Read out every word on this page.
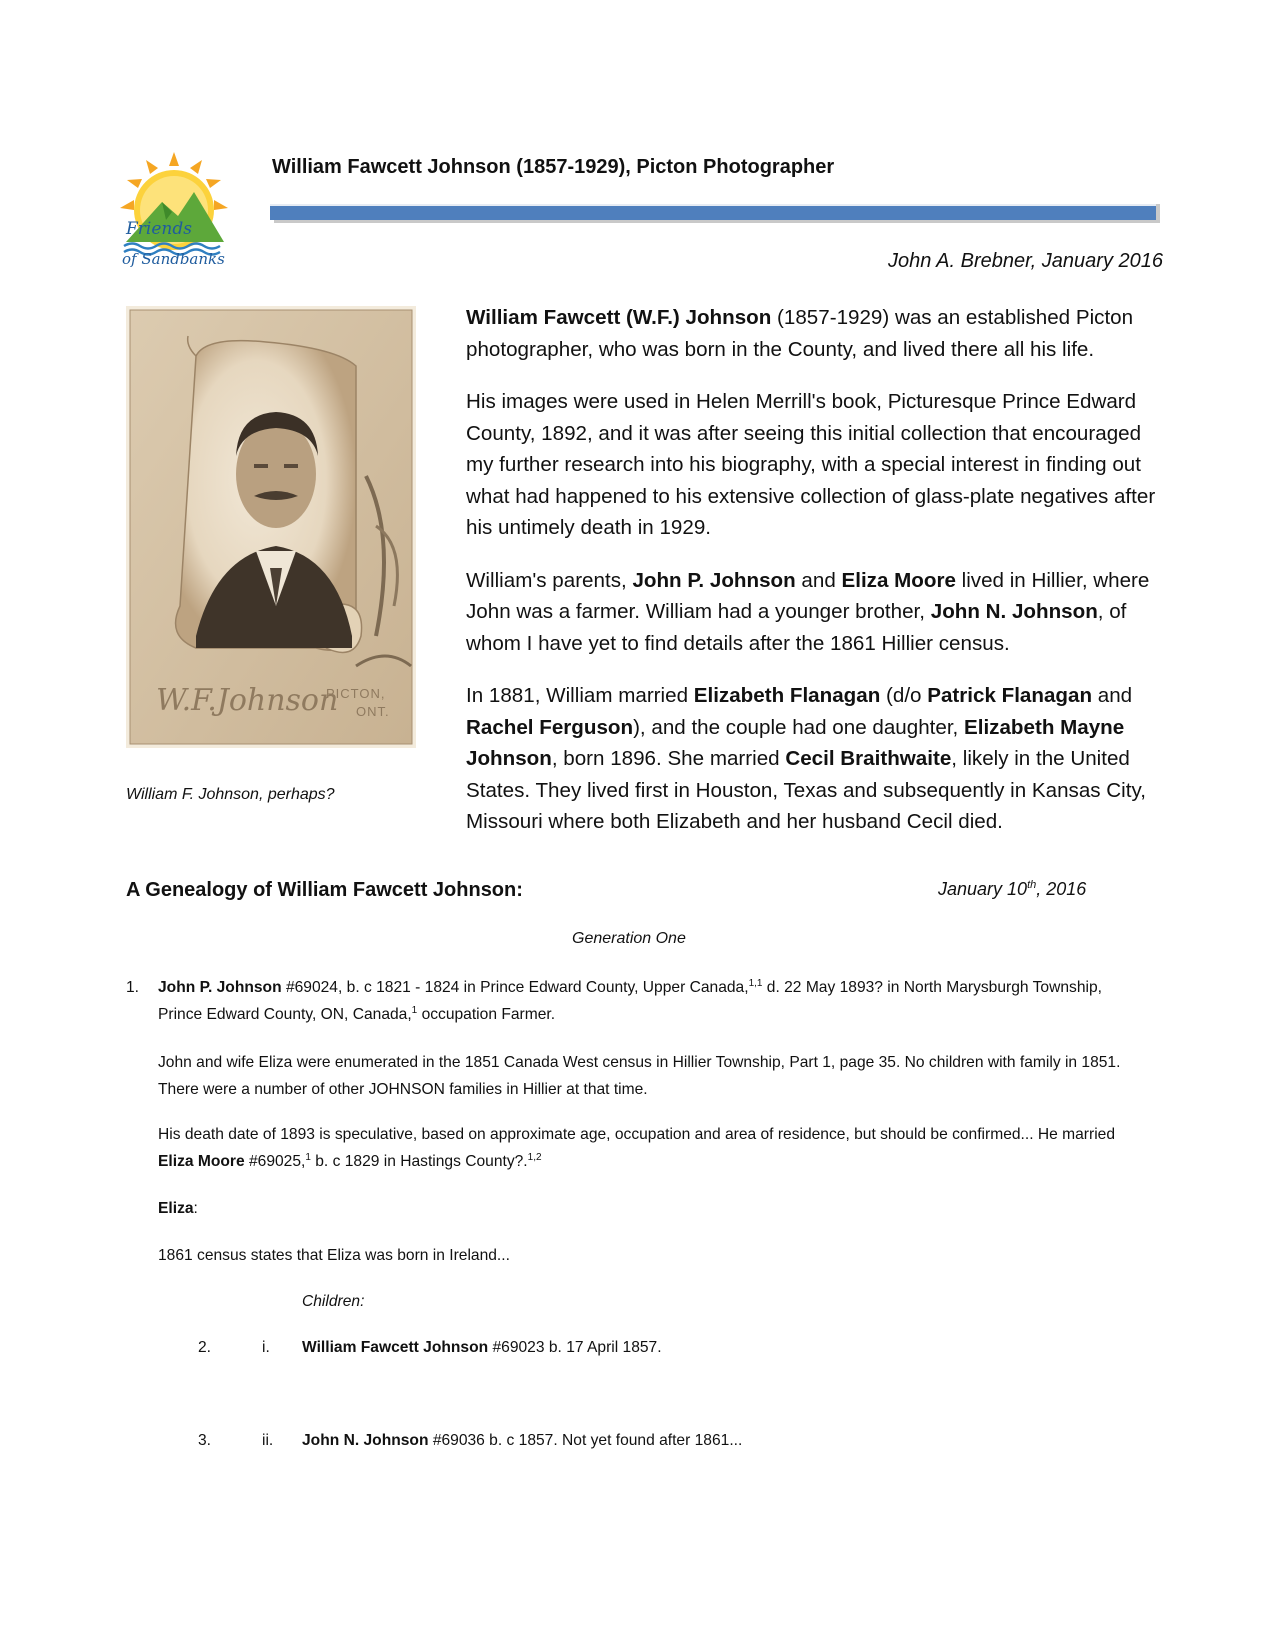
Friends
of Sandbanks
William Fawcett Johnson (1857-1929), Picton Photographer
John A. Brebner, January 2016
W.F.Johnson
PICTON,
ONT.
William F. Johnson, perhaps?

William Fawcett (W.F.) Johnson (1857-1929) was an established Picton photographer, who was born in the County, and lived there all his life.

His images were used in Helen Merrill's book, Picturesque Prince Edward County, 1892, and it was after seeing this initial collection that encouraged my further research into his biography, with a special interest in finding out what had happened to his extensive collection of glass-plate negatives after his untimely death in 1929.

William's parents, John P. Johnson and Eliza Moore lived in Hillier, where John was a farmer. William had a younger brother, John N. Johnson, of whom I have yet to find details after the 1861 Hillier census.

In 1881, William married Elizabeth Flanagan (d/o Patrick Flanagan and Rachel Ferguson), and the couple had one daughter, Elizabeth Mayne Johnson, born 1896. She married Cecil Braithwaite, likely in the United States. They lived first in Houston, Texas and subsequently in Kansas City, Missouri where both Elizabeth and her husband Cecil died.

A Genealogy of William Fawcett Johnson:	January 10th, 2016
Generation One
1. John P. Johnson #69024, b. c 1821 - 1824 in Prince Edward County, Upper Canada,$^{1,1}$ d. 22 May 1893? in North Marysburgh Township, Prince Edward County, ON, Canada,$^1$ occupation Farmer.
John and wife Eliza were enumerated in the 1851 Canada West census in Hillier Township, Part 1, page 35. No children with family in 1851. There were a number of other JOHNSON families in Hillier at that time.
His death date of 1893 is speculative, based on approximate age, occupation and area of residence, but should be confirmed... He married Eliza Moore #69025,$^1$ b. c 1829 in Hastings County?.$^{1,2}$
Eliza:
1861 census states that Eliza was born in Ireland...
Children:
2.	i. William Fawcett Johnson #69023 b. 17 April 1857.
3.	ii. John N. Johnson #69036 b. c 1857. Not yet found after 1861...
